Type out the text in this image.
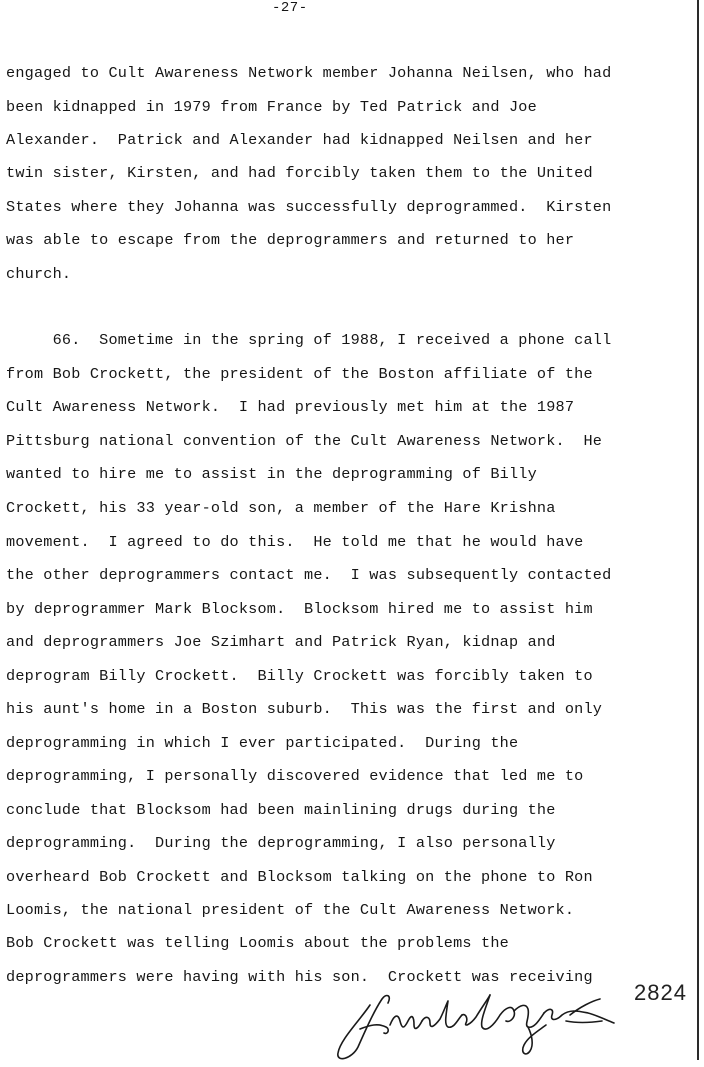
-27-
engaged to Cult Awareness Network member Johanna Neilsen, who had
been kidnapped in 1979 from France by Ted Patrick and Joe
Alexander.  Patrick and Alexander had kidnapped Neilsen and her
twin sister, Kirsten, and had forcibly taken them to the United
States where they Johanna was successfully deprogrammed.  Kirsten
was able to escape from the deprogrammers and returned to her
church.
66.  Sometime in the spring of 1988, I received a phone call
from Bob Crockett, the president of the Boston affiliate of the
Cult Awareness Network.  I had previously met him at the 1987
Pittsburg national convention of the Cult Awareness Network.  He
wanted to hire me to assist in the deprogramming of Billy
Crockett, his 33 year-old son, a member of the Hare Krishna
movement.  I agreed to do this.  He told me that he would have
the other deprogrammers contact me.  I was subsequently contacted
by deprogrammer Mark Blocksom.  Blocksom hired me to assist him
and deprogrammers Joe Szimhart and Patrick Ryan, kidnap and
deprogram Billy Crockett.  Billy Crockett was forcibly taken to
his aunt's home in a Boston suburb.  This was the first and only
deprogramming in which I ever participated.  During the
deprogramming, I personally discovered evidence that led me to
conclude that Blocksom had been mainlining drugs during the
deprogramming.  During the deprogramming, I also personally
overheard Bob Crockett and Blocksom talking on the phone to Ron
Loomis, the national president of the Cult Awareness Network.
Bob Crockett was telling Loomis about the problems the
deprogrammers were having with his son.  Crockett was receiving
2824
